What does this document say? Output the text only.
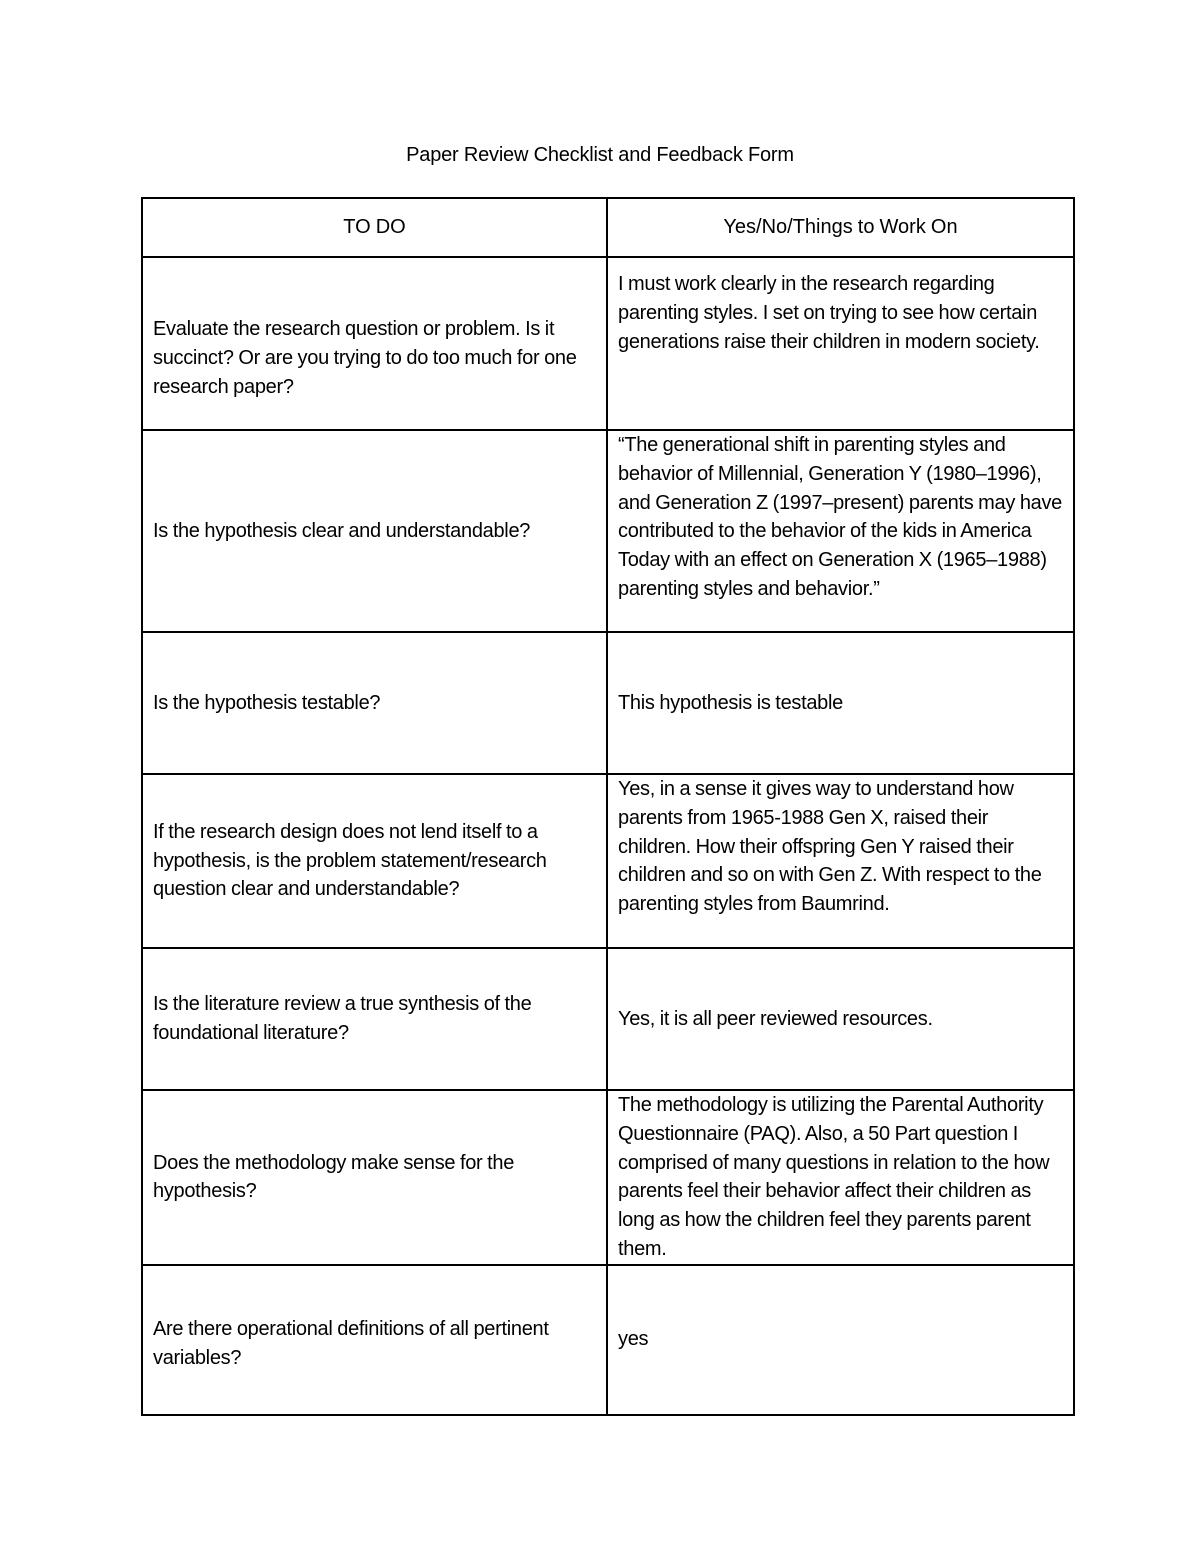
Paper Review Checklist and Feedback Form
TO DO	Yes/No/Things to Work On
Evaluate the research question or problem. Is it succinct? Or are you trying to do too much for one research paper?	I must work clearly in the research regarding parenting styles. I set on trying to see how certain generations raise their children in modern society.
Is the hypothesis clear and understandable?	“The generational shift in parenting styles and behavior of Millennial, Generation Y (1980–1996), and Generation Z (1997–present) parents may have contributed to the behavior of the kids in America Today with an effect on Generation X (1965–1988) parenting styles and behavior.”
Is the hypothesis testable?	This hypothesis is testable
If the research design does not lend itself to a hypothesis, is the problem statement/research question clear and understandable?	Yes, in a sense it gives way to understand how parents from 1965-1988 Gen X, raised their children. How their offspring Gen Y raised their children and so on with Gen Z. With respect to the parenting styles from Baumrind.
Is the literature review a true synthesis of the foundational literature?	Yes, it is all peer reviewed resources.
Does the methodology make sense for the hypothesis?	The methodology is utilizing the Parental Authority Questionnaire (PAQ). Also, a 50 Part question I comprised of many questions in relation to the how parents feel their behavior affect their children as long as how the children feel they parents parent them.
Are there operational definitions of all pertinent variables?	yes
